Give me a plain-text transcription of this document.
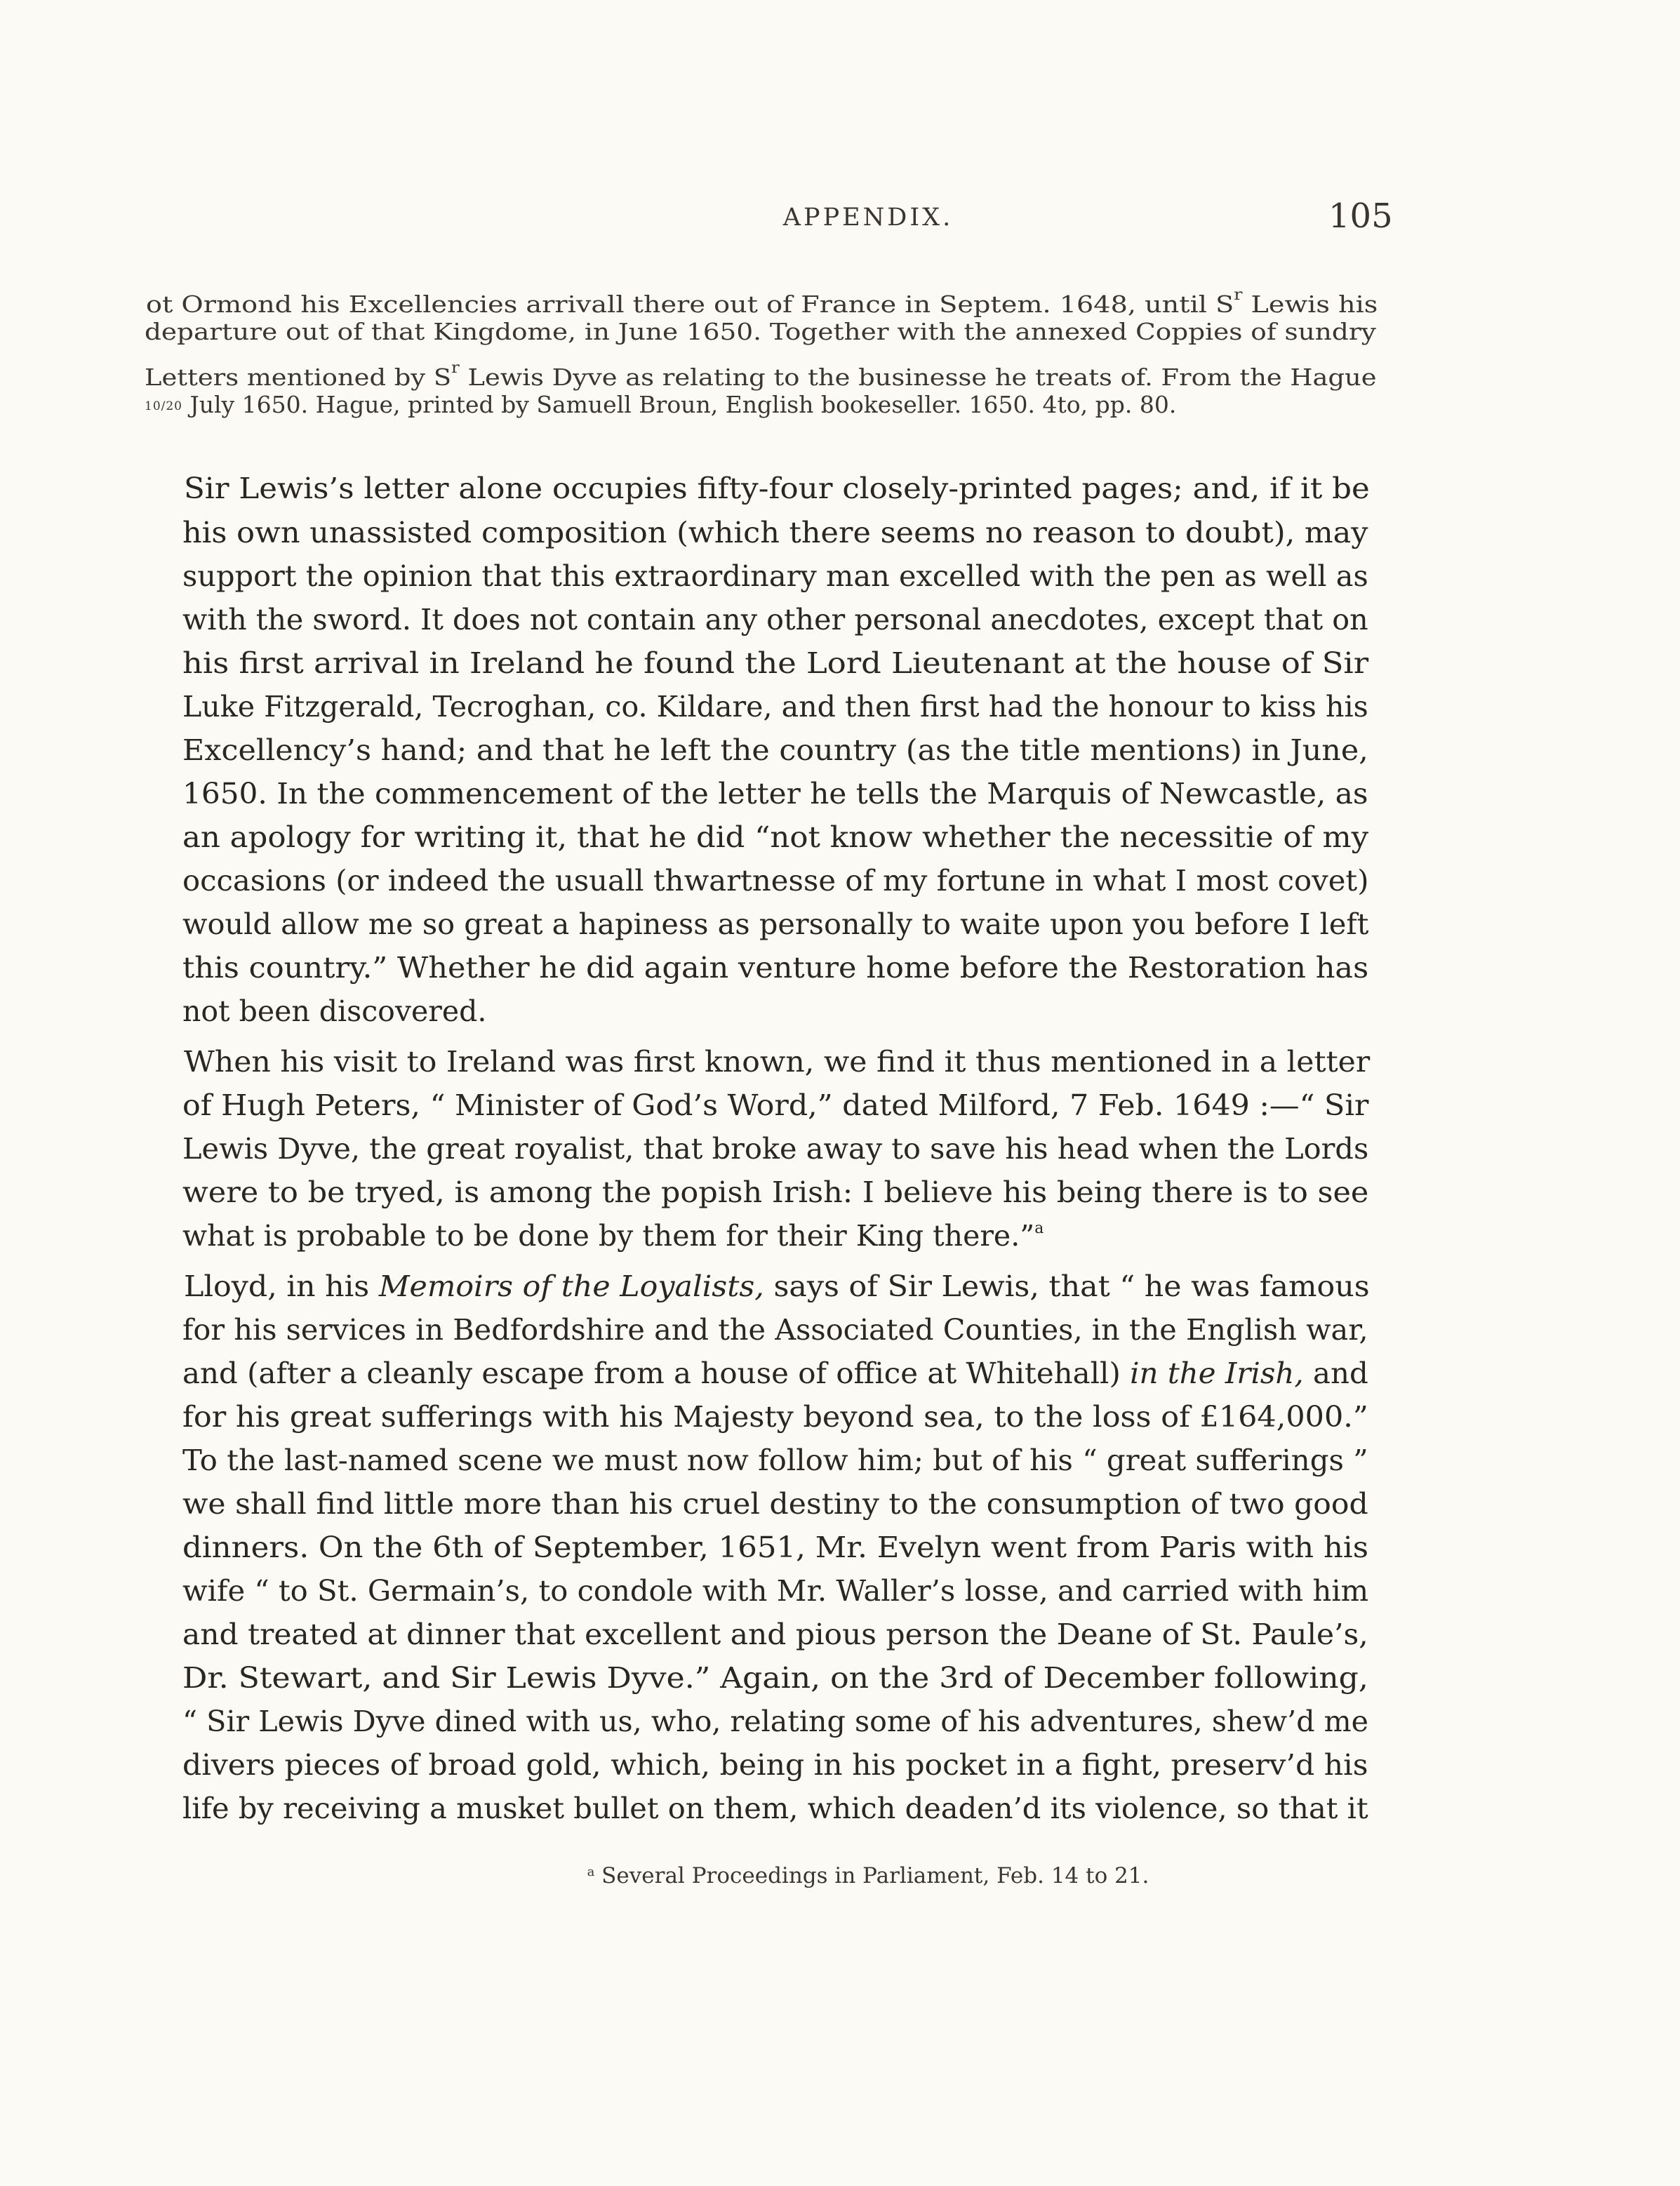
APPENDIX.	105
ot Ormond his Excellencies arrivall there out of France in Septem. 1648, until $S^r$ Lewis his
departure out of that Kingdome, in June 1650. Together with the annexed Coppies of sundry
Letters mentioned by $S^r$ Lewis Dyve as relating to the businesse he treats of. From the Hague
10/20 July 1650. Hague, printed by Samuell Broun, English bookeseller. 1650. 4to, pp. 80.
Sir Lewis’s letter alone occupies fifty-four closely-printed pages; and, if it be
his own unassisted composition (which there seems no reason to doubt), may
support the opinion that this extraordinary man excelled with the pen as well as
with the sword. It does not contain any other personal anecdotes, except that on
his first arrival in Ireland he found the Lord Lieutenant at the house of Sir
Luke Fitzgerald, Tecroghan, co. Kildare, and then first had the honour to kiss his
Excellency’s hand; and that he left the country (as the title mentions) in June,
1650. In the commencement of the letter he tells the Marquis of Newcastle, as
an apology for writing it, that he did “not know whether the necessitie of my
occasions (or indeed the usuall thwartnesse of my fortune in what I most covet)
would allow me so great a hapiness as personally to waite upon you before I left
this country.” Whether he did again venture home before the Restoration has
not been discovered.
When his visit to Ireland was first known, we find it thus mentioned in a letter
of Hugh Peters, “ Minister of God’s Word,” dated Milford, 7 Feb. 1649 :—“ Sir
Lewis Dyve, the great royalist, that broke away to save his head when the Lords
were to be tryed, is among the popish Irish: I believe his being there is to see
what is probable to be done by them for their King there.”$^a$
Lloyd, in his Memoirs of the Loyalists, says of Sir Lewis, that “ he was famous
for his services in Bedfordshire and the Associated Counties, in the English war,
and (after a cleanly escape from a house of office at Whitehall) in the Irish, and
for his great sufferings with his Majesty beyond sea, to the loss of £164,000.”
To the last-named scene we must now follow him; but of his “ great sufferings ”
we shall find little more than his cruel destiny to the consumption of two good
dinners. On the 6th of September, 1651, Mr. Evelyn went from Paris with his
wife “ to St. Germain’s, to condole with Mr. Waller’s losse, and carried with him
and treated at dinner that excellent and pious person the Deane of St. Paule’s,
Dr. Stewart, and Sir Lewis Dyve.” Again, on the 3rd of December following,
“ Sir Lewis Dyve dined with us, who, relating some of his adventures, shew’d me
divers pieces of broad gold, which, being in his pocket in a fight, preserv’d his
life by receiving a musket bullet on them, which deaden’d its violence, so that it
$^a$ Several Proceedings in Parliament, Feb. 14 to 21.
